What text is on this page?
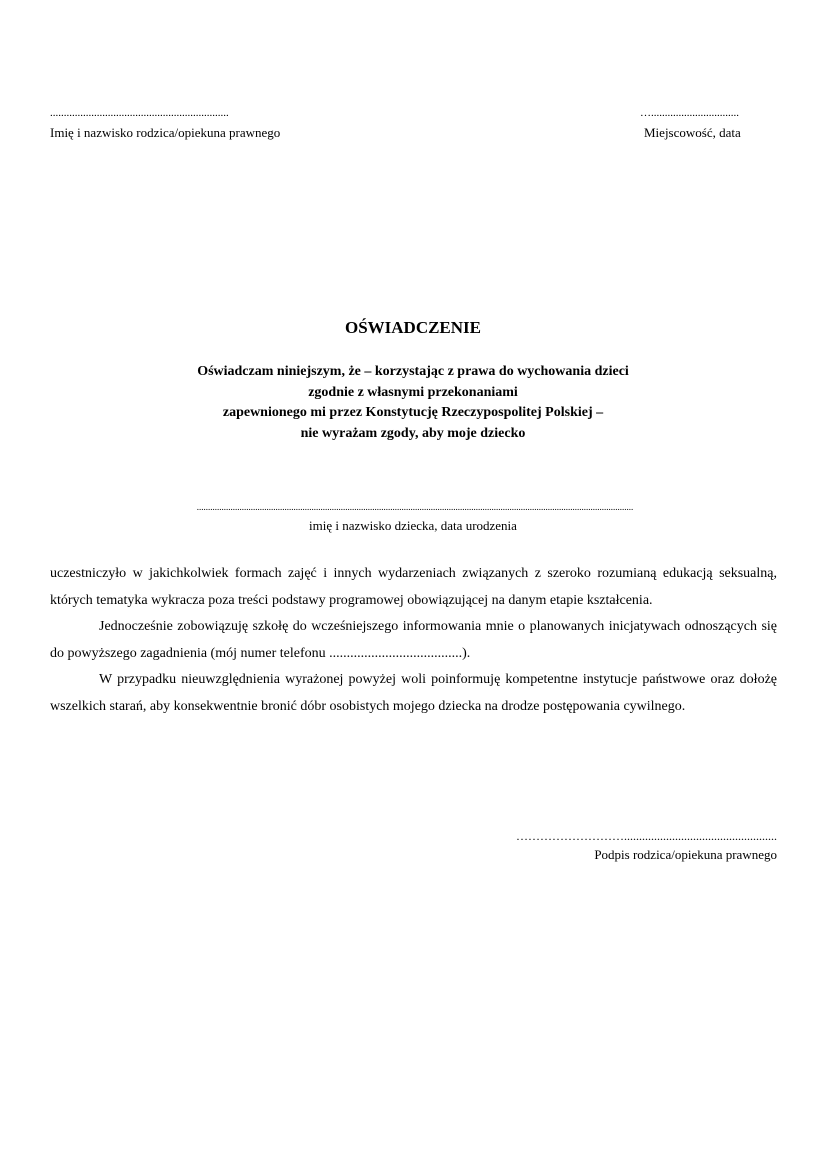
.................................................................
Imię i nazwisko rodzica/opiekuna prawnego
…................................
Miejscowość, data
OŚWIADCZENIE
Oświadczam niniejszym, że – korzystając z prawa do wychowania dzieci
zgodnie z własnymi przekonaniami
zapewnionego mi przez Konstytucję Rzeczypospolitej Polskiej –
nie wyrażam zgody, aby moje dziecko
..................................................................................................................................................................................................
imię i nazwisko dziecka, data urodzenia

uczestniczyło w jakichkolwiek formach zajęć i innych wydarzeniach związanych z szeroko rozumianą edukacją seksualną, których tematyka wykracza poza treści podstawy programowej obowiązującej na danym etapie kształcenia.

Jednocześnie zobowiązuję szkołę do wcześniejszego informowania mnie o planowanych inicjatywach odnoszących się do powyższego zagadnienia (mój numer telefonu ......................................).

W przypadku nieuwzględnienia wyrażonej powyżej woli poinformuję kompetentne instytucje państwowe oraz dołożę wszelkich starań, aby konsekwentnie bronić dóbr osobistych mojego dziecka na drodze postępowania cywilnego.

………………………...................................................
Podpis rodzica/opiekuna prawnego
